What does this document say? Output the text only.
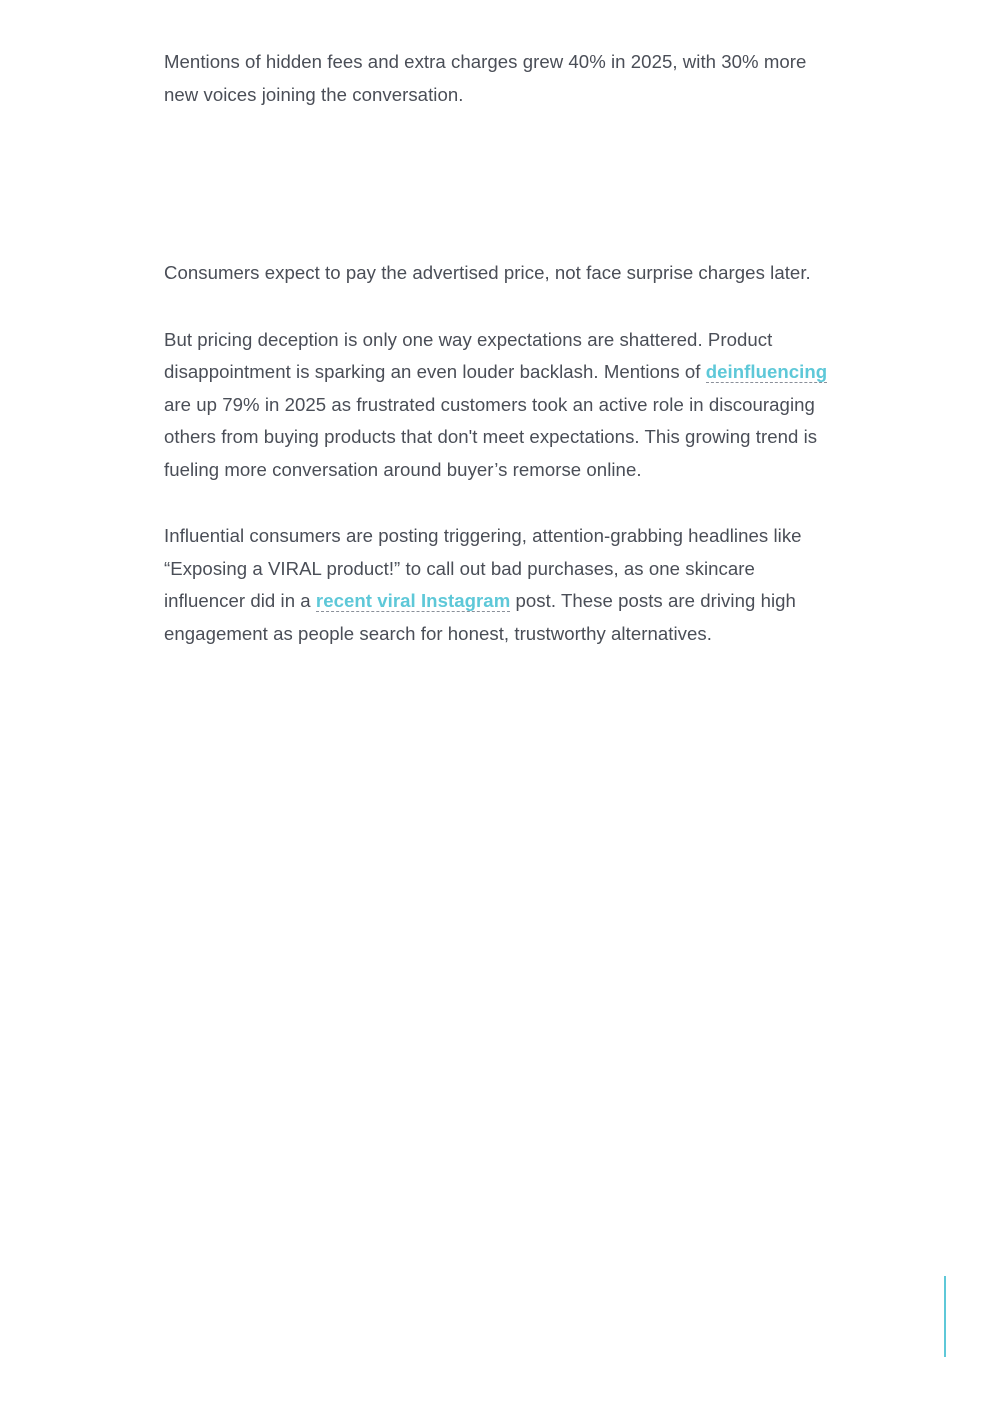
Mentions of hidden fees and extra charges grew 40% in 2025, with 30% more new voices joining the conversation.

Consumers expect to pay the advertised price, not face surprise charges later.

But pricing deception is only one way expectations are shattered. Product disappointment is sparking an even louder backlash. Mentions of deinfluencing are up 79% in 2025 as frustrated customers took an active role in discouraging others from buying products that don't meet expectations. This growing trend is fueling more conversation around buyer’s remorse online.

Influential consumers are posting triggering, attention-grabbing headlines like “Exposing a VIRAL product!” to call out bad purchases, as one skincare influencer did in a recent viral Instagram post. These posts are driving high engagement as people search for honest, trustworthy alternatives.
